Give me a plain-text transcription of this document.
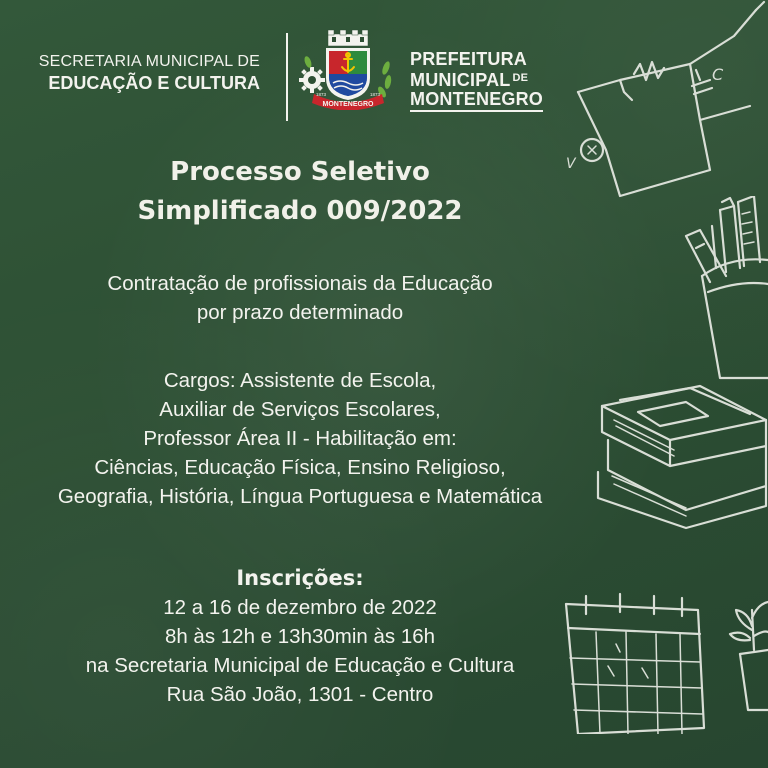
SECRETARIA MUNICIPAL DE
EDUCAÇÃO E CULTURA
MONTENEGRO
1873	1873
PREFEITURA
MUNICIPAL $^{DE}$
MONTENEGRO
Processo Seletivo
Simplificado 009/2022
Contratação de profissionais da Educação
por prazo determinado
Cargos: Assistente de Escola,
Auxiliar de Serviços Escolares,
Professor Área II - Habilitação em:
Ciências, Educação Física, Ensino Religioso,
Geografia, História, Língua Portuguesa e Matemática
Inscrições:
12 a 16 de dezembro de 2022
8h às 12h e 13h30min às 16h
na Secretaria Municipal de Educação e Cultura
Rua São João, 1301 - Centro
V
C
